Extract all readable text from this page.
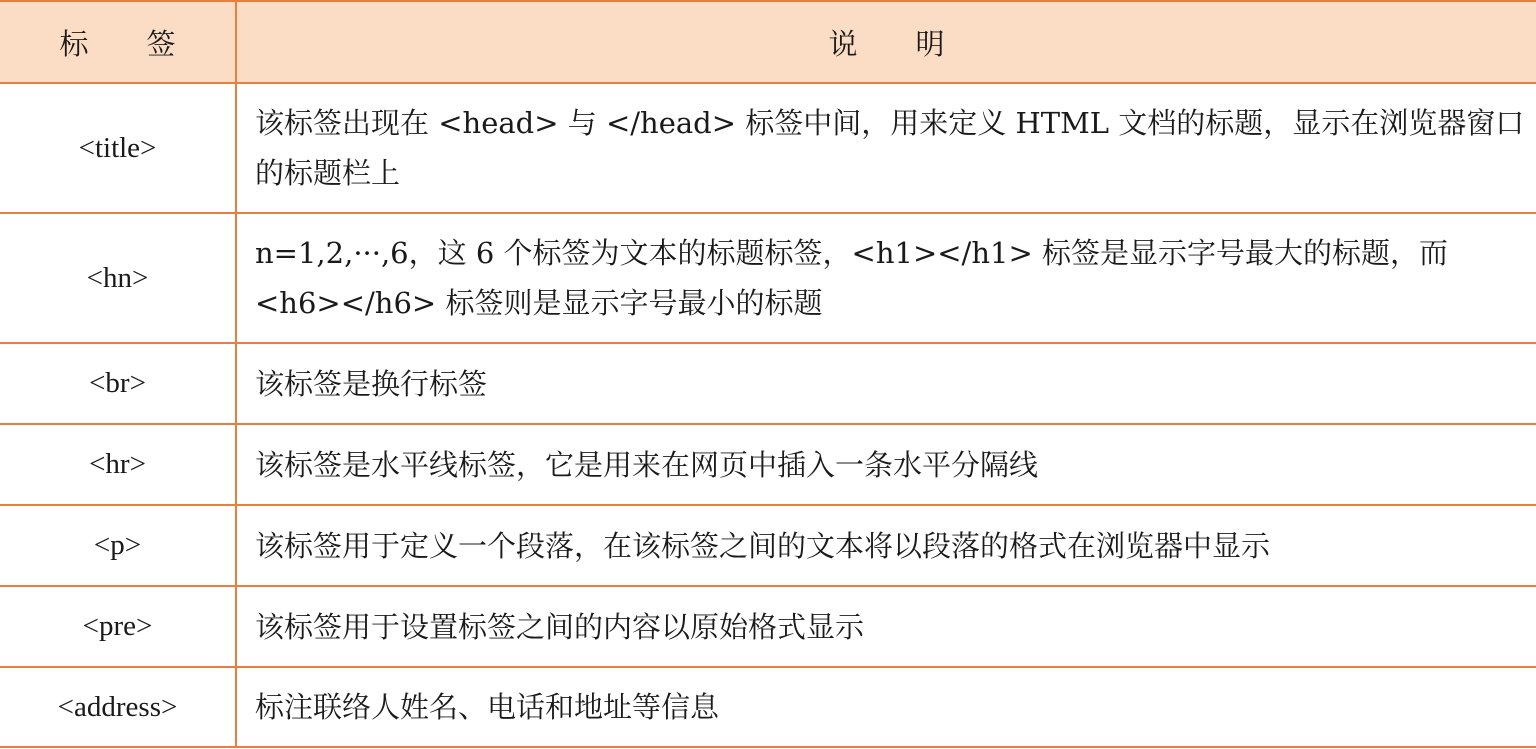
标　　签	说　　明
<title>	该标签出现在 <head> 与 </head> 标签中间，用来定义 HTML 文档的标题，显示在浏览器窗口的标题栏上
<hn>	n=1,2,···,6，这 6 个标签为文本的标题标签，<h1></h1> 标签是显示字号最大的标题，而 <h6></h6> 标签则是显示字号最小的标题
<br>	该标签是换行标签
<hr>	该标签是水平线标签，它是用来在网页中插入一条水平分隔线
<p>	该标签用于定义一个段落，在该标签之间的文本将以段落的格式在浏览器中显示
<pre>	该标签用于设置标签之间的内容以原始格式显示
<address>	标注联络人姓名、电话和地址等信息
